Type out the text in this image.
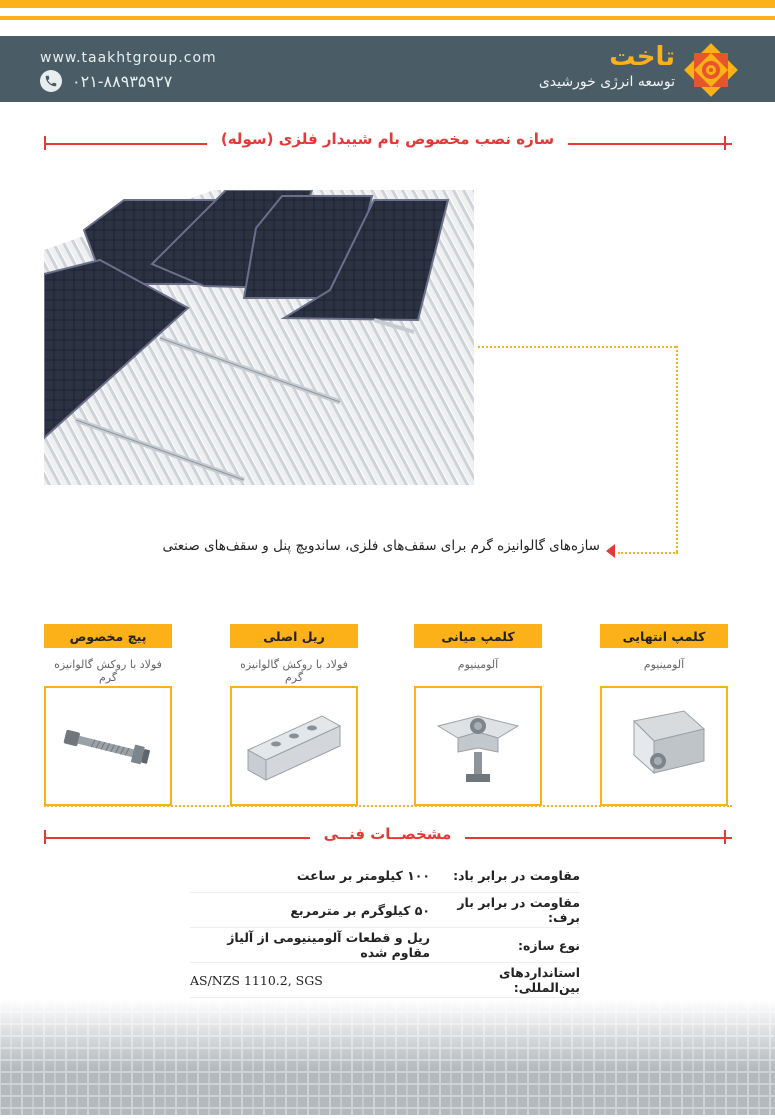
www.taakhtgroup.com
۰۲۱-۸۸۹۳۵۹۲۷
تاخت
توسعه انرژی خورشیدی
سازه نصب مخصوص بام شیبدار فلزی (سوله)
سازه‌های گالوانیزه گرم برای سقف‌های فلزی، ساندویچ پنل و سقف‌های صنعتی
کلمپ انتهایی
آلومینیوم
کلمپ میانی
آلومینیوم
ریل اصلی
فولاد با روکش گالوانیزه گرم
پیچ مخصوص
فولاد با روکش گالوانیزه گرم
مشخصــات فنــی
مقاومت در برابر باد:
۱۰۰ کیلومتر بر ساعت
مقاومت در برابر بار برف:
۵۰ کیلوگرم بر مترمربع
نوع سازه:
ریل و قطعات آلومینیومی از آلیاژ مقاوم شده
استانداردهای بین‌المللی:
AS/NZS 1110.2, SGS
